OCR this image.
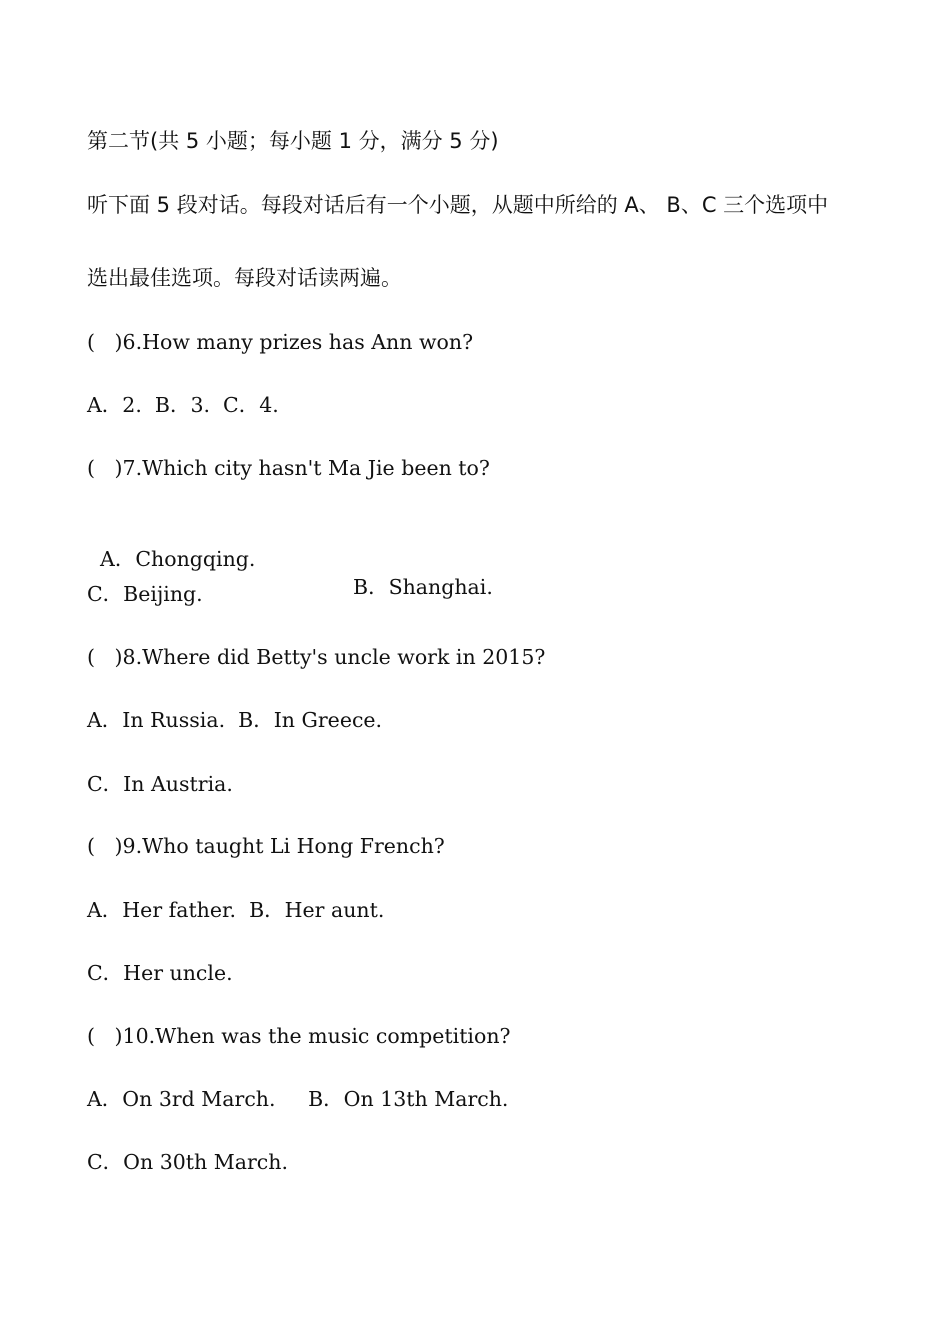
第二节(共 5 小题；每小题 1 分，满分 5 分)
听下面 5 段对话。每段对话后有一个小题，从题中所给的 A、 B、C 三个选项中
选出最佳选项。每段对话读两遍。
(   )6.How many prizes has Ann won?
A．2.  B．3.  C．4.
(   )7.Which city hasn't Ma Jie been to?

A．Chongqing.

B．Shanghai.

C．Beijing.
(   )8.Where did Betty's uncle work in 2015?
A．In Russia.  B．In Greece.
C．In Austria.
(   )9.Who taught Li Hong French?
A．Her father.  B．Her aunt.
C．Her uncle.
(   )10.When was the music competition?
A．On 3rd March.     B．On 13th March.
C．On 30th March.
